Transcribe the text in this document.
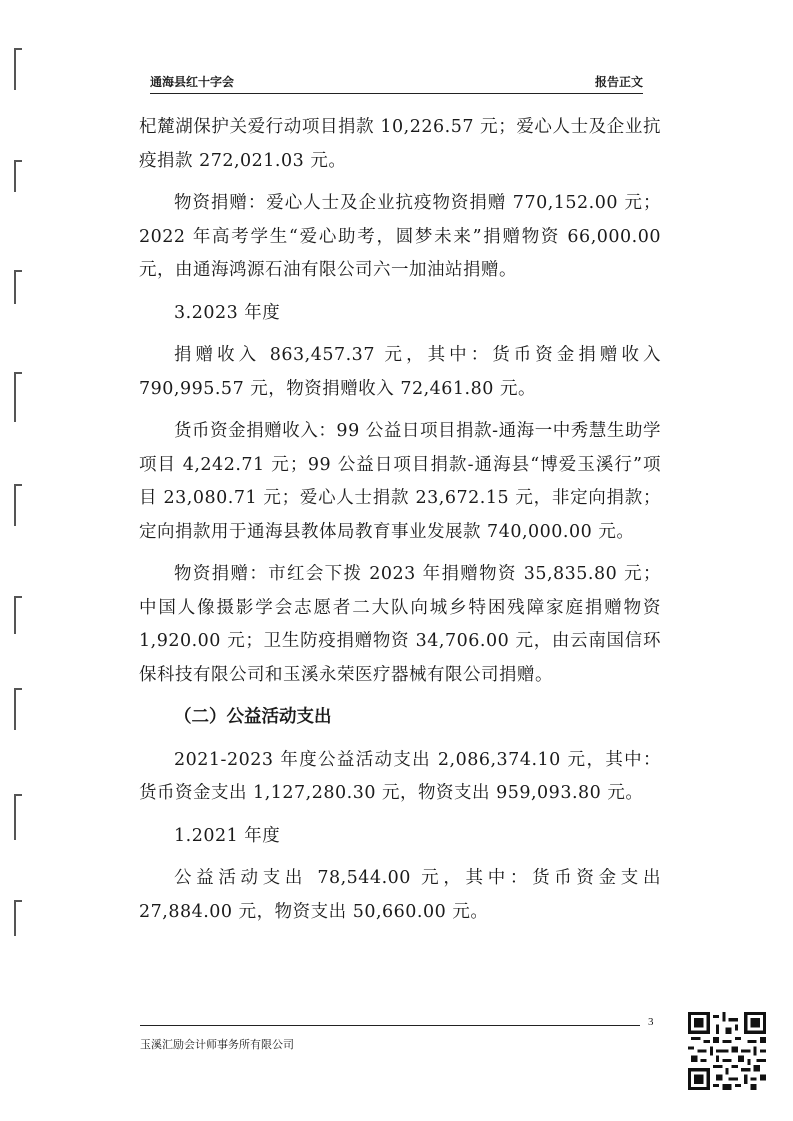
通海县红十字会	报告正文

杞麓湖保护关爱行动项目捐款 10,226.57 元；爱心人士及企业抗疫捐款 272,021.03 元。

物资捐赠：爱心人士及企业抗疫物资捐赠 770,152.00 元；2022 年高考学生“爱心助考，圆梦未来”捐赠物资 66,000.00 元，由通海鸿源石油有限公司六一加油站捐赠。

3.2023 年度

捐赠收入 863,457.37 元，其中：货币资金捐赠收入 790,995.57 元，物资捐赠收入 72,461.80 元。

货币资金捐赠收入：99 公益日项目捐款-通海一中秀慧生助学项目 4,242.71 元；99 公益日项目捐款-通海县“博爱玉溪行”项目 23,080.71 元；爱心人士捐款 23,672.15 元，非定向捐款；定向捐款用于通海县教体局教育事业发展款 740,000.00 元。

物资捐赠：市红会下拨 2023 年捐赠物资 35,835.80 元；中国人像摄影学会志愿者二大队向城乡特困残障家庭捐赠物资 1,920.00 元；卫生防疫捐赠物资 34,706.00 元，由云南国信环保科技有限公司和玉溪永荣医疗器械有限公司捐赠。

（二）公益活动支出

2021-2023 年度公益活动支出 2,086,374.10 元，其中：货币资金支出 1,127,280.30 元，物资支出 959,093.80 元。

1.2021 年度

公益活动支出 78,544.00 元，其中：货币资金支出 27,884.00 元，物资支出 50,660.00 元。

3
玉溪汇励会计师事务所有限公司
